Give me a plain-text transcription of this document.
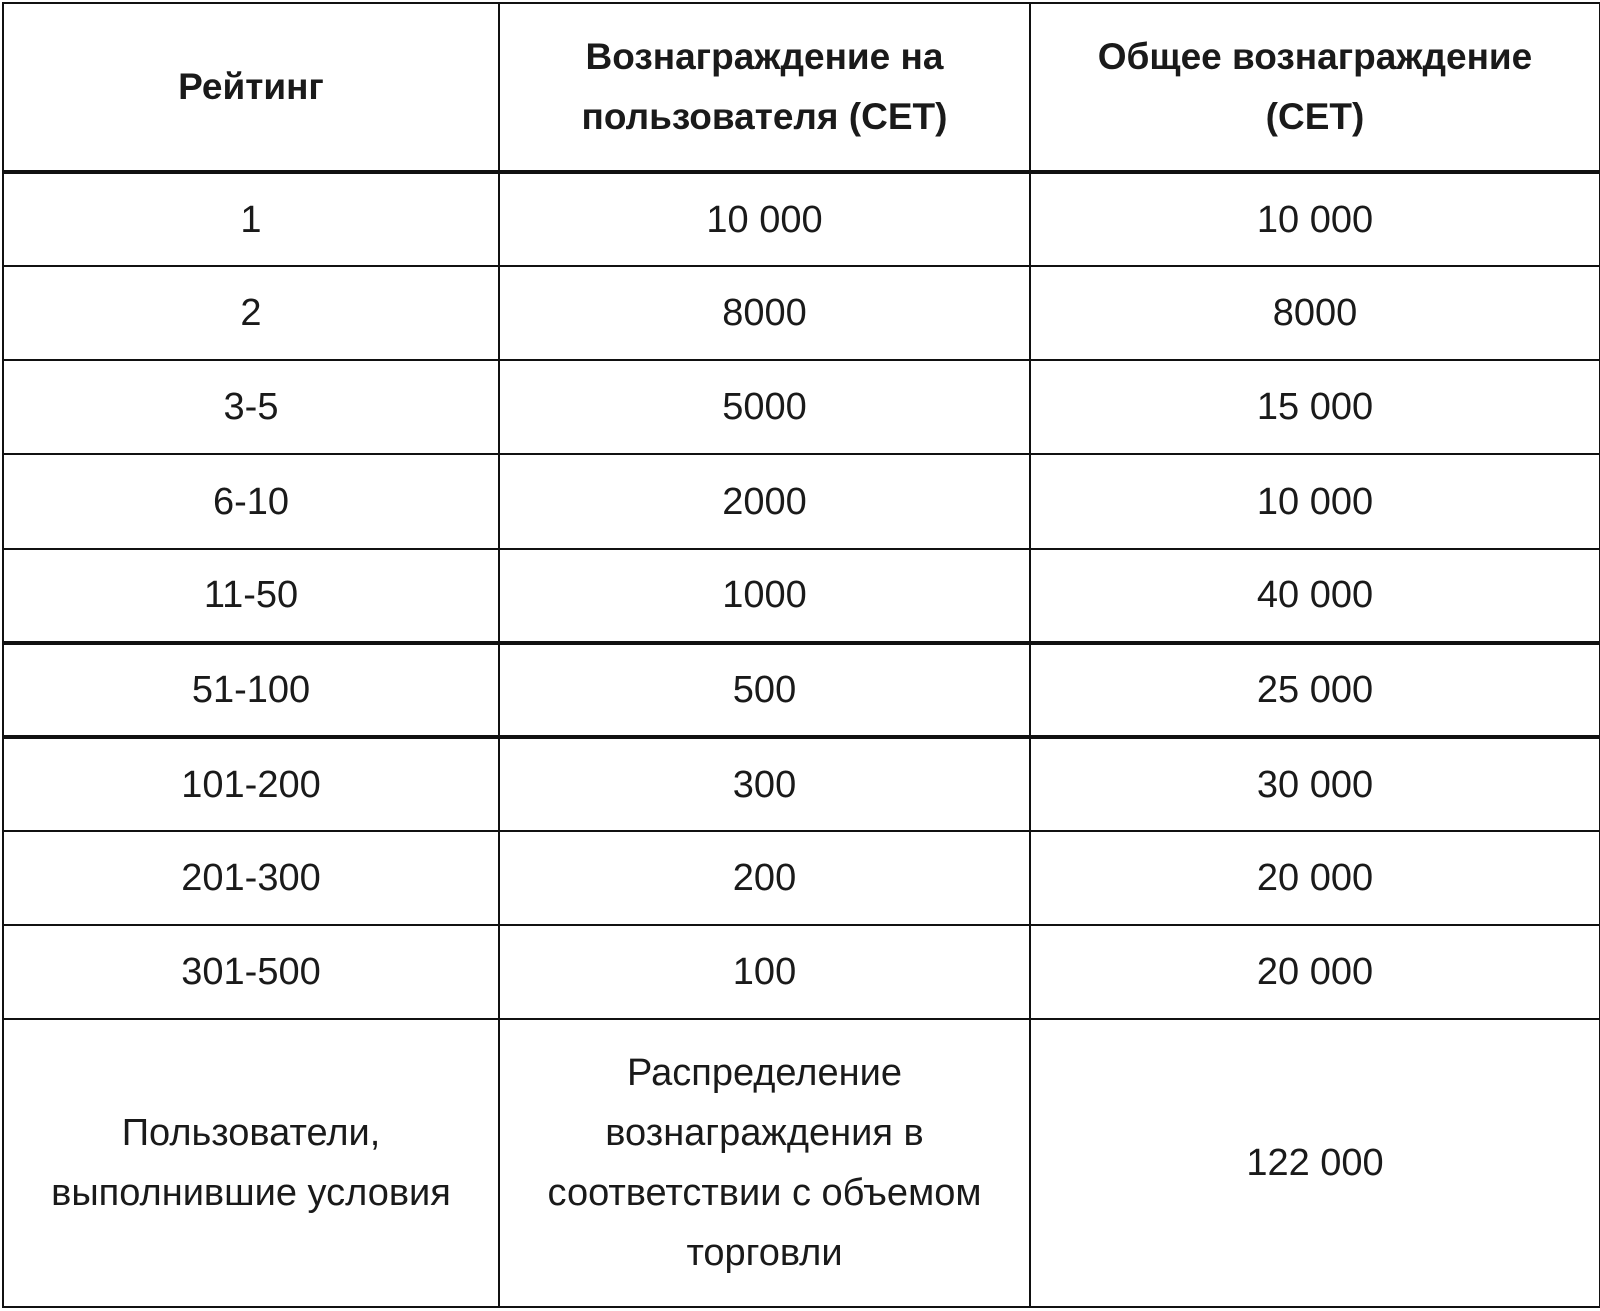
Рейтинг	Вознаграждение на пользователя (CET)	Общее вознаграждение (CET)
1	10 000	10 000
2	8000	8000
3-5	5000	15 000
6-10	2000	10 000
11-50	1000	40 000
51-100	500	25 000
101-200	300	30 000
201-300	200	20 000
301-500	100	20 000
Пользователи, выполнившие условия	Распределение вознаграждения в соответствии с объемом торговли	122 000
